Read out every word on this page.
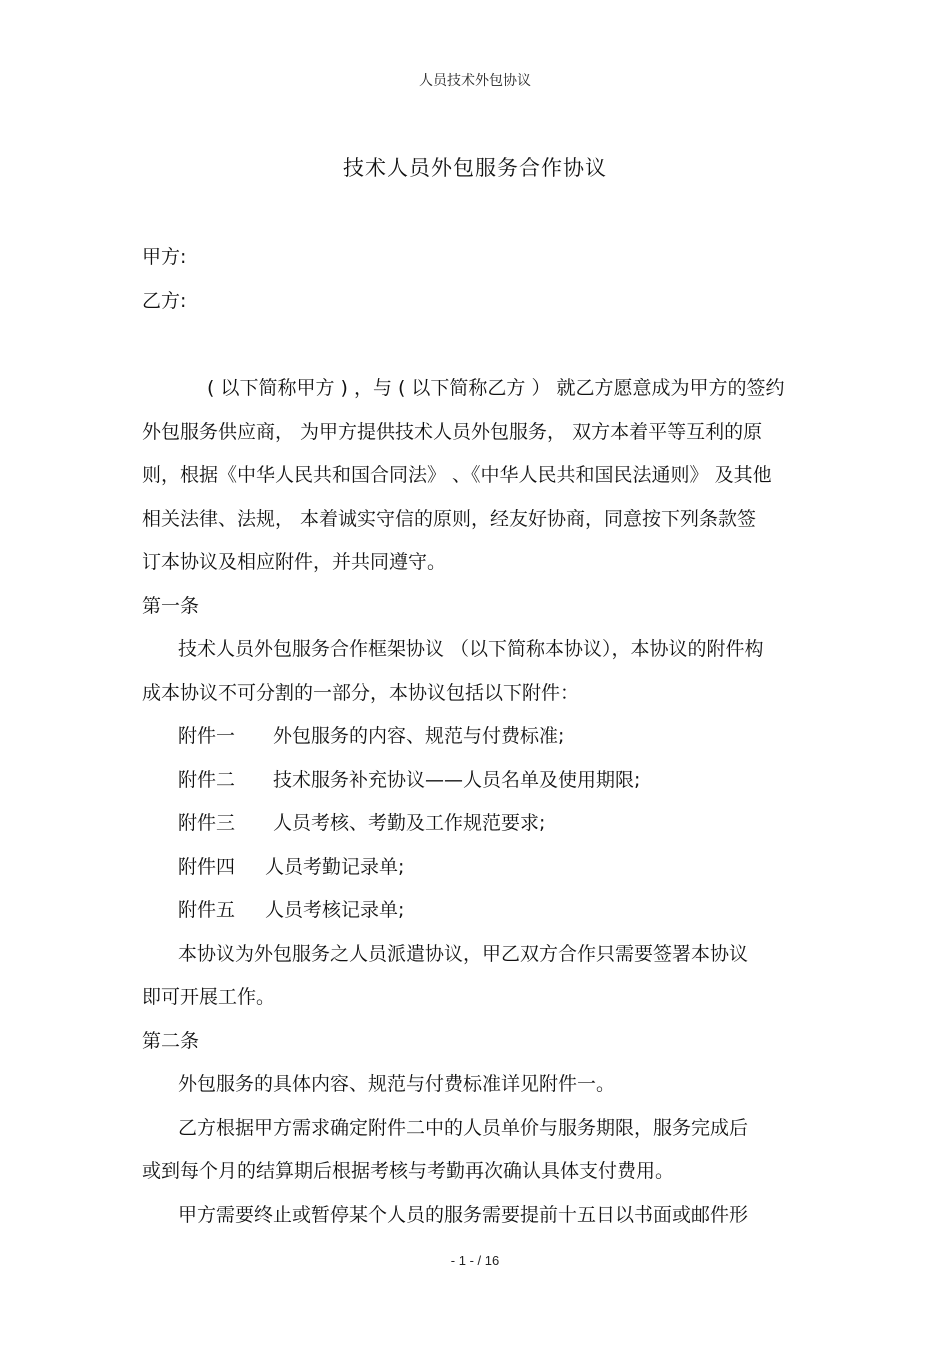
人员技术外包协议
技术人员外包服务合作协议
甲方:
乙方:
( 以下简称甲方 ) ，与 ( 以下简称乙方 ） 就乙方愿意成为甲方的签约
外包服务供应商， 为甲方提供技术人员外包服务， 双方本着平等互利的原
则，根据《中华人民共和国合同法》 、《中华人民共和国民法通则》 及其他
相关法律、法规， 本着诚实守信的原则，经友好协商，同意按下列条款签
订本协议及相应附件，并共同遵守。
第一条
技术人员外包服务合作框架协议 （以下简称本协议），本协议的附件构
成本协议不可分割的一部分，本协议包括以下附件：
附件一 外包服务的内容、规范与付费标准;
附件二 技术服务补充协议——人员名单及使用期限;
附件三 人员考核、考勤及工作规范要求;
附件四 人员考勤记录单;
附件五 人员考核记录单;
本协议为外包服务之人员派遣协议，甲乙双方合作只需要签署本协议
即可开展工作。
第二条
外包服务的具体内容、规范与付费标准详见附件一。
乙方根据甲方需求确定附件二中的人员单价与服务期限，服务完成后
或到每个月的结算期后根据考核与考勤再次确认具体支付费用。
甲方需要终止或暂停某个人员的服务需要提前十五日以书面或邮件形
- 1 - / 16
